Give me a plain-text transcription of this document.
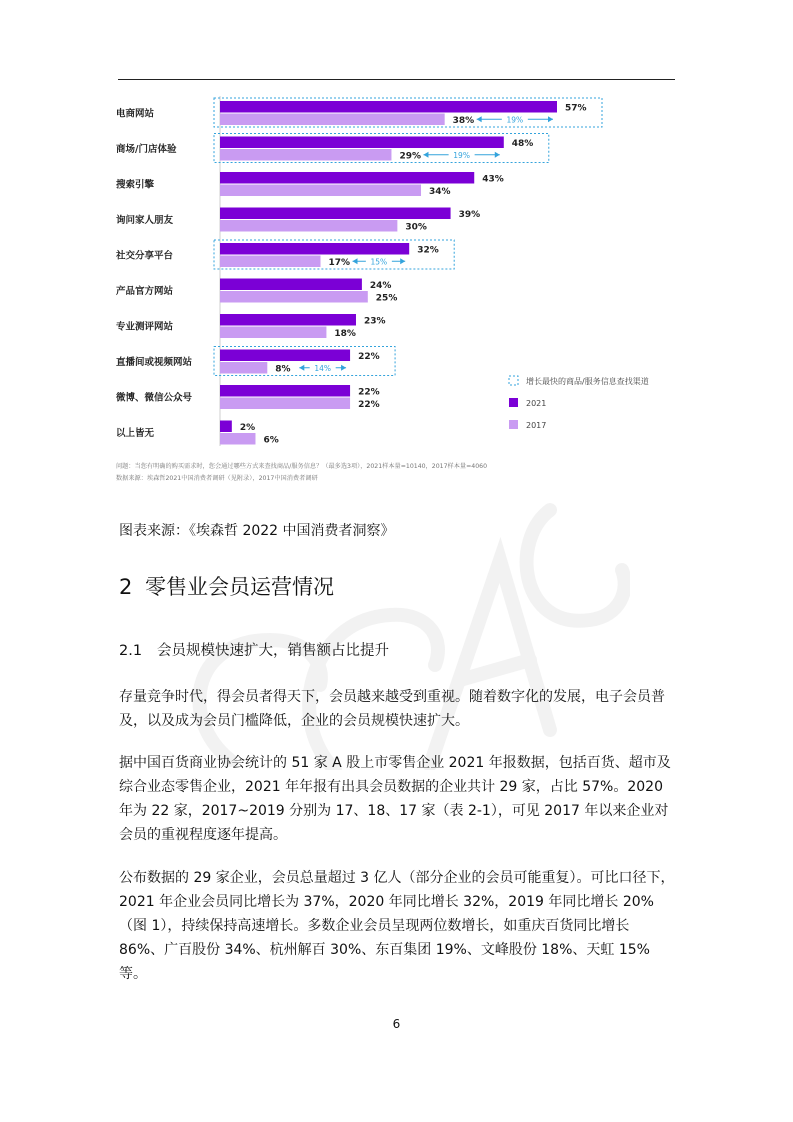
电商网站	57%
38%	19%
商场/门店体验	48%
29%	19%
搜索引擎	43%
34%
询问家人朋友	39%
30%
社交分享平台	32%
17%	15%
产品官方网站	24%
25%
专业测评网站	23%
18%
直播间或视频网站	22%
8%	14%
微博、微信公众号	22%
22%
以上皆无	2%
6%
增长最快的商品/服务信息查找渠道
2021
2017
问题：当您有明确的购买需求时，您会通过哪些方式来查找商品/服务信息？（最多选3项），2021样本量=10140，2017样本量=4060
数据来源：埃森哲2021中国消费者调研（见附录），2017中国消费者调研
图表来源：《埃森哲 2022 中国消费者洞察》
2 零售业会员运营情况
2.1 会员规模快速扩大，销售额占比提升

存量竞争时代，得会员者得天下，会员越来越受到重视。随着数字化的发展，电子会员普及，以及成为会员门槛降低，企业的会员规模快速扩大。

据中国百货商业协会统计的 51 家 A 股上市零售企业 2021 年报数据，包括百货、超市及综合业态零售企业，2021 年年报有出具会员数据的企业共计 29 家，占比 57%。2020 年为 22 家，2017~2019 分别为 17、18、17 家（表 2-1），可见 2017 年以来企业对会员的重视程度逐年提高。

公布数据的 29 家企业，会员总量超过 3 亿人（部分企业的会员可能重复）。可比口径下，2021 年企业会员同比增长为 37%，2020 年同比增长 32%，2019 年同比增长 20%（图 1），持续保持高速增长。多数企业会员呈现两位数增长，如重庆百货同比增长 86%、广百股份 34%、杭州解百 30%、东百集团 19%、文峰股份 18%、天虹 15% 等。

6
